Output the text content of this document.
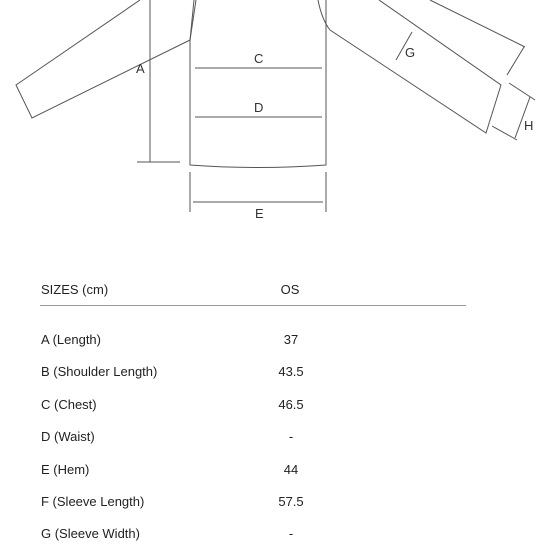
A
C
D
E
G
H
SIZES (cm)	OS
A (Length)	37
B (Shoulder Length)	43.5
C (Chest)	46.5
D (Waist)	-
E (Hem)	44
F (Sleeve Length)	57.5
G (Sleeve Width)	-
